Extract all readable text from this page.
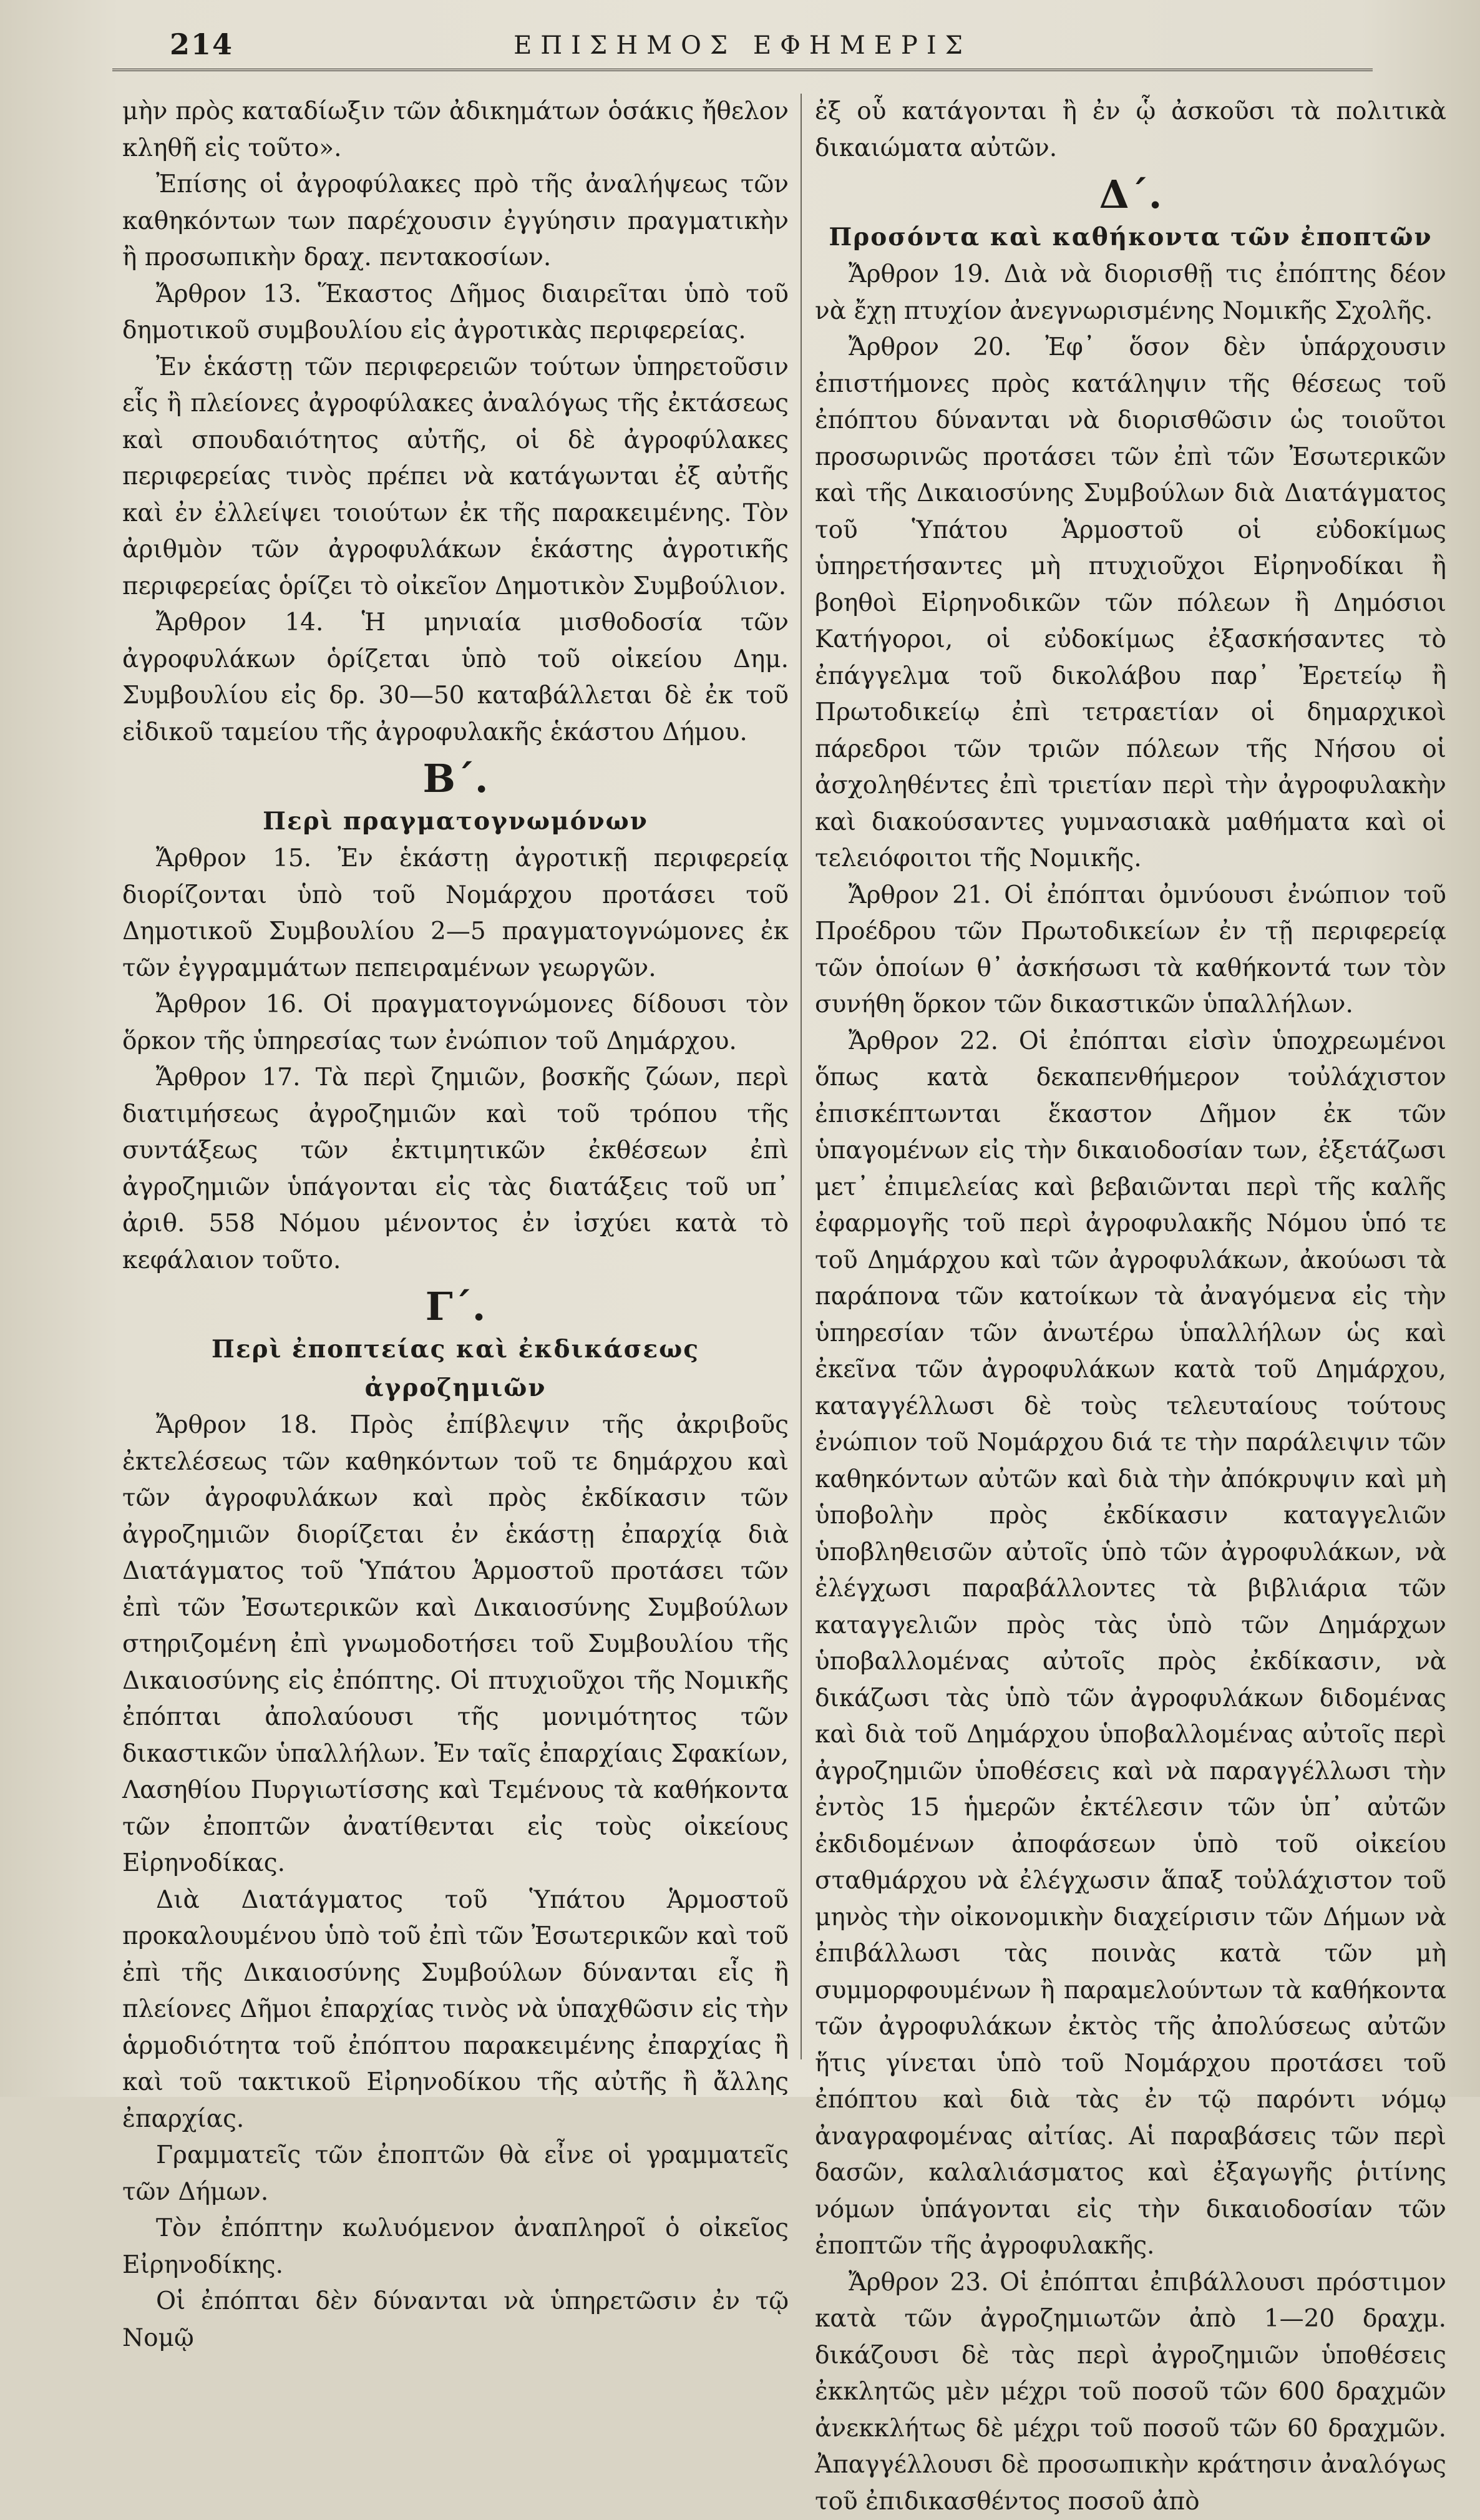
214	ΕΠΙΣΗΜΟΣ ΕΦΗΜΕΡΙΣ

μὴν πρὸς καταδίωξιν τῶν ἀδικημάτων ὁσάκις ἤθελον κληθῆ εἰς τοῦτο».

Ἐπίσης οἱ ἀγροφύλακες πρὸ τῆς ἀναλήψεως τῶν καθηκόντων των παρέχουσιν ἐγγύησιν πραγματικὴν ἢ προσωπικὴν δραχ. πεντακοσίων.

Ἄρθρον 13. Ἕκαστος Δῆμος διαιρεῖται ὑπὸ τοῦ δημοτικοῦ συμβουλίου εἰς ἀγροτικὰς περιφερείας.

Ἐν ἑκάστῃ τῶν περιφερειῶν τούτων ὑπηρετοῦσιν εἷς ἢ πλείονες ἀγροφύλακες ἀναλόγως τῆς ἐκτάσεως καὶ σπουδαιότητος αὐτῆς, οἱ δὲ ἀγροφύλακες περιφερείας τινὸς πρέπει νὰ κατάγωνται ἐξ αὐτῆς καὶ ἐν ἐλλείψει τοιούτων ἐκ τῆς παρακειμένης. Τὸν ἀριθμὸν τῶν ἀγροφυλάκων ἑκάστης ἀγροτικῆς περιφερείας ὁρίζει τὸ οἰκεῖον Δημοτικὸν Συμβούλιον.

Ἄρθρον 14. Ἡ μηνιαία μισθοδοσία τῶν ἀγροφυλάκων ὁρίζεται ὑπὸ τοῦ οἰκείου Δημ. Συμβουλίου εἰς δρ. 30—50 καταβάλλεται δὲ ἐκ τοῦ εἰδικοῦ ταμείου τῆς ἀγροφυλακῆς ἑκάστου Δήμου.

Β΄.
Περὶ πραγματογνωμόνων

Ἄρθρον 15. Ἐν ἑκάστῃ ἀγροτικῇ περιφερείᾳ διορίζονται ὑπὸ τοῦ Νομάρχου προτάσει τοῦ Δημοτικοῦ Συμβουλίου 2—5 πραγματογνώμονες ἐκ τῶν ἐγγραμμάτων πεπειραμένων γεωργῶν.

Ἄρθρον 16. Οἱ πραγματογνώμονες δίδουσι τὸν ὅρκον τῆς ὑπηρεσίας των ἐνώπιον τοῦ Δημάρχου.

Ἄρθρον 17. Τὰ περὶ ζημιῶν, βοσκῆς ζώων, περὶ διατιμήσεως ἀγροζημιῶν καὶ τοῦ τρόπου τῆς συντάξεως τῶν ἐκτιμητικῶν ἐκθέσεων ἐπὶ ἀγροζημιῶν ὑπάγονται εἰς τὰς διατάξεις τοῦ υπ᾿ ἀριθ. 558 Νόμου μένοντος ἐν ἰσχύει κατὰ τὸ κεφάλαιον τοῦτο.

Γ΄.
Περὶ ἐποπτείας καὶ ἐκδικάσεως ἀγροζημιῶν

Ἄρθρον 18. Πρὸς ἐπίβλεψιν τῆς ἀκριβοῦς ἐκτελέσεως τῶν καθηκόντων τοῦ τε δημάρχου καὶ τῶν ἀγροφυλάκων καὶ πρὸς ἐκδίκασιν τῶν ἀγροζημιῶν διορίζεται ἐν ἑκάστῃ ἐπαρχίᾳ διὰ Διατάγματος τοῦ Ὑπάτου Ἁρμοστοῦ προτάσει τῶν ἐπὶ τῶν Ἐσωτερικῶν καὶ Δικαιοσύνης Συμβούλων στηριζομένη ἐπὶ γνωμοδοτήσει τοῦ Συμβουλίου τῆς Δικαιοσύνης εἰς ἐπόπτης. Οἱ πτυχιοῦχοι τῆς Νομικῆς ἐπόπται ἀπολαύουσι τῆς μονιμότητος τῶν δικαστικῶν ὑπαλλήλων. Ἐν ταῖς ἐπαρχίαις Σφακίων, Λασηθίου Πυργιωτίσσης καὶ Τεμένους τὰ καθήκοντα τῶν ἐποπτῶν ἀνατίθενται εἰς τοὺς οἰκείους Εἰρηνοδίκας.

Διὰ Διατάγματος τοῦ Ὑπάτου Ἁρμοστοῦ προκαλουμένου ὑπὸ τοῦ ἐπὶ τῶν Ἐσωτερικῶν καὶ τοῦ ἐπὶ τῆς Δικαιοσύνης Συμβούλων δύνανται εἷς ἢ πλείονες Δῆμοι ἐπαρχίας τινὸς νὰ ὑπαχθῶσιν εἰς τὴν ἁρμοδιότητα τοῦ ἐπόπτου παρακειμένης ἐπαρχίας ἢ καὶ τοῦ τακτικοῦ Εἰρηνοδίκου τῆς αὐτῆς ἢ ἄλλης ἐπαρχίας.

Γραμματεῖς τῶν ἐποπτῶν θὰ εἶνε οἱ γραμματεῖς τῶν Δήμων.

Τὸν ἐπόπτην κωλυόμενον ἀναπληροῖ ὁ οἰκεῖος Εἰρηνοδίκης.

Οἱ ἐπόπται δὲν δύνανται νὰ ὑπηρετῶσιν ἐν τῷ Νομῷ

ἐξ οὗ κατάγονται ἢ ἐν ᾧ ἀσκοῦσι τὰ πολιτικὰ δικαιώματα αὐτῶν.

Δ΄.
Προσόντα καὶ καθήκοντα τῶν ἐποπτῶν

Ἄρθρον 19. Διὰ νὰ διορισθῇ τις ἐπόπτης δέον νὰ ἔχῃ πτυχίον ἀνεγνωρισμένης Νομικῆς Σχολῆς.

Ἄρθρον 20. Ἐφ᾿ ὅσον δὲν ὑπάρχουσιν ἐπιστήμονες πρὸς κατάληψιν τῆς θέσεως τοῦ ἐπόπτου δύνανται νὰ διορισθῶσιν ὡς τοιοῦτοι προσωρινῶς προτάσει τῶν ἐπὶ τῶν Ἐσωτερικῶν καὶ τῆς Δικαιοσύνης Συμβούλων διὰ Διατάγματος τοῦ Ὑπάτου Ἁρμοστοῦ οἱ εὐδοκίμως ὑπηρετήσαντες μὴ πτυχιοῦχοι Εἰρηνοδίκαι ἢ βοηθοὶ Εἰρηνοδικῶν τῶν πόλεων ἢ Δημόσιοι Κατήγοροι, οἱ εὐδοκίμως ἐξασκήσαντες τὸ ἐπάγγελμα τοῦ δικολάβου παρ᾿ Ἐρετείῳ ἢ Πρωτοδικείῳ ἐπὶ τετραετίαν οἱ δημαρχικοὶ πάρεδροι τῶν τριῶν πόλεων τῆς Νήσου οἱ ἀσχοληθέντες ἐπὶ τριετίαν περὶ τὴν ἀγροφυλακὴν καὶ διακούσαντες γυμνασιακὰ μαθήματα καὶ οἱ τελειόφοιτοι τῆς Νομικῆς.

Ἄρθρον 21. Οἱ ἐπόπται ὀμνύουσι ἐνώπιον τοῦ Προέδρου τῶν Πρωτοδικείων ἐν τῇ περιφερείᾳ τῶν ὁποίων θ᾿ ἀσκήσωσι τὰ καθήκοντά των τὸν συνήθη ὅρκον τῶν δικαστικῶν ὑπαλλήλων.

Ἄρθρον 22. Οἱ ἐπόπται εἰσὶν ὑποχρεωμένοι ὅπως κατὰ δεκαπενθήμερον τοὐλάχιστον ἐπισκέπτωνται ἕκαστον Δῆμον ἐκ τῶν ὑπαγομένων εἰς τὴν δικαιοδοσίαν των, ἐξετάζωσι μετ᾿ ἐπιμελείας καὶ βεβαιῶνται περὶ τῆς καλῆς ἐφαρμογῆς τοῦ περὶ ἀγροφυλακῆς Νόμου ὑπό τε τοῦ Δημάρχου καὶ τῶν ἀγροφυλάκων, ἀκούωσι τὰ παράπονα τῶν κατοίκων τὰ ἀναγόμενα εἰς τὴν ὑπηρεσίαν τῶν ἀνωτέρω ὑπαλλήλων ὡς καὶ ἐκεῖνα τῶν ἀγροφυλάκων κατὰ τοῦ Δημάρχου, καταγγέλλωσι δὲ τοὺς τελευταίους τούτους ἐνώπιον τοῦ Νομάρχου διά τε τὴν παράλειψιν τῶν καθηκόντων αὐτῶν καὶ διὰ τὴν ἀπόκρυψιν καὶ μὴ ὑποβολὴν πρὸς ἐκδίκασιν καταγγελιῶν ὑποβληθεισῶν αὐτοῖς ὑπὸ τῶν ἀγροφυλάκων, νὰ ἐλέγχωσι παραβάλλοντες τὰ βιβλιάρια τῶν καταγγελιῶν πρὸς τὰς ὑπὸ τῶν Δημάρχων ὑποβαλλομένας αὐτοῖς πρὸς ἐκδίκασιν, νὰ δικάζωσι τὰς ὑπὸ τῶν ἀγροφυλάκων διδομένας καὶ διὰ τοῦ Δημάρχου ὑποβαλλομένας αὐτοῖς περὶ ἀγροζημιῶν ὑποθέσεις καὶ νὰ παραγγέλλωσι τὴν ἐντὸς 15 ἡμερῶν ἐκτέλεσιν τῶν ὑπ᾿ αὐτῶν ἐκδιδομένων ἀποφάσεων ὑπὸ τοῦ οἰκείου σταθμάρχου νὰ ἐλέγχωσιν ἅπαξ τοὐλάχιστον τοῦ μηνὸς τὴν οἰκονομικὴν διαχείρισιν τῶν Δήμων νὰ ἐπιβάλλωσι τὰς ποινὰς κατὰ τῶν μὴ συμμορφουμένων ἢ παραμελούντων τὰ καθήκοντα τῶν ἀγροφυλάκων ἐκτὸς τῆς ἀπολύσεως αὐτῶν ἥτις γίνεται ὑπὸ τοῦ Νομάρχου προτάσει τοῦ ἐπόπτου καὶ διὰ τὰς ἐν τῷ παρόντι νόμῳ ἀναγραφομένας αἰτίας. Αἱ παραβάσεις τῶν περὶ δασῶν, καλαλιάσματος καὶ ἐξαγωγῆς ῥιτίνης νόμων ὑπάγονται εἰς τὴν δικαιοδοσίαν τῶν ἐποπτῶν τῆς ἀγροφυλακῆς.

Ἄρθρον 23. Οἱ ἐπόπται ἐπιβάλλουσι πρόστιμον κατὰ τῶν ἀγροζημιωτῶν ἀπὸ 1—20 δραχμ. δικάζουσι δὲ τὰς περὶ ἀγροζημιῶν ὑποθέσεις ἐκκλητῶς μὲν μέχρι τοῦ ποσοῦ τῶν 600 δραχμῶν ἀνεκκλήτως δὲ μέχρι τοῦ ποσοῦ τῶν 60 δραχμῶν. Ἀπαγγέλλουσι δὲ προσωπικὴν κράτησιν ἀναλόγως τοῦ ἐπιδικασθέντος ποσοῦ ἀπὸ
